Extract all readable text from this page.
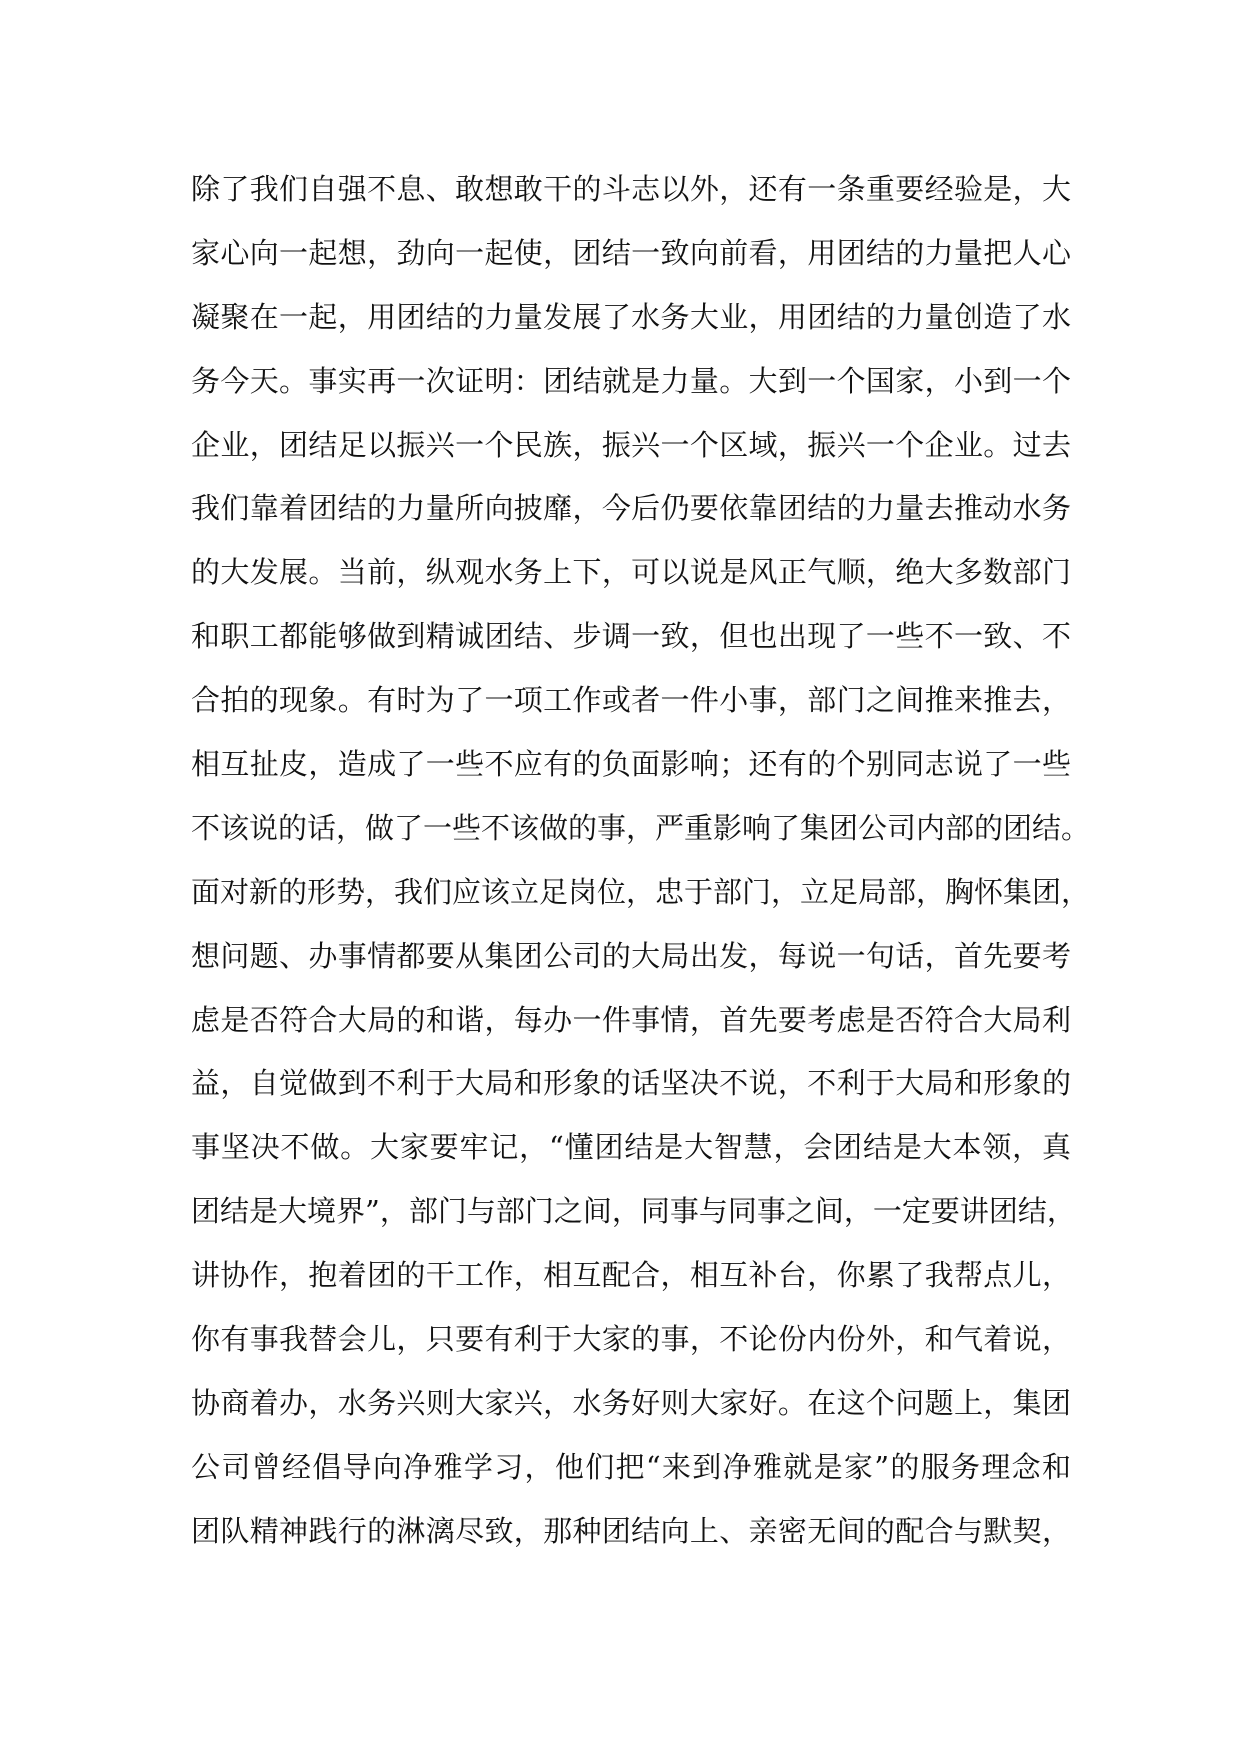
除了我们自强不息、敢想敢干的斗志以外，还有一条重要经验是，大
家心向一起想，劲向一起使，团结一致向前看，用团结的力量把人心
凝聚在一起，用团结的力量发展了水务大业，用团结的力量创造了水
务今天。事实再一次证明：团结就是力量。大到一个国家，小到一个
企业，团结足以振兴一个民族，振兴一个区域，振兴一个企业。过去
我们靠着团结的力量所向披靡，今后仍要依靠团结的力量去推动水务
的大发展。当前，纵观水务上下，可以说是风正气顺，绝大多数部门
和职工都能够做到精诚团结、步调一致，但也出现了一些不一致、不
合拍的现象。有时为了一项工作或者一件小事，部门之间推来推去，
相互扯皮，造成了一些不应有的负面影响；还有的个别同志说了一些
不该说的话，做了一些不该做的事，严重影响了集团公司内部的团结。
面对新的形势，我们应该立足岗位，忠于部门，立足局部，胸怀集团，
想问题、办事情都要从集团公司的大局出发，每说一句话，首先要考
虑是否符合大局的和谐，每办一件事情，首先要考虑是否符合大局利
益，自觉做到不利于大局和形象的话坚决不说，不利于大局和形象的
事坚决不做。大家要牢记，“懂团结是大智慧，会团结是大本领，真
团结是大境界”，部门与部门之间，同事与同事之间，一定要讲团结，
讲协作，抱着团的干工作，相互配合，相互补台，你累了我帮点儿，
你有事我替会儿，只要有利于大家的事，不论份内份外，和气着说，
协商着办，水务兴则大家兴，水务好则大家好。在这个问题上，集团
公司曾经倡导向净雅学习，他们把“来到净雅就是家”的服务理念和
团队精神践行的淋漓尽致，那种团结向上、亲密无间的配合与默契，
